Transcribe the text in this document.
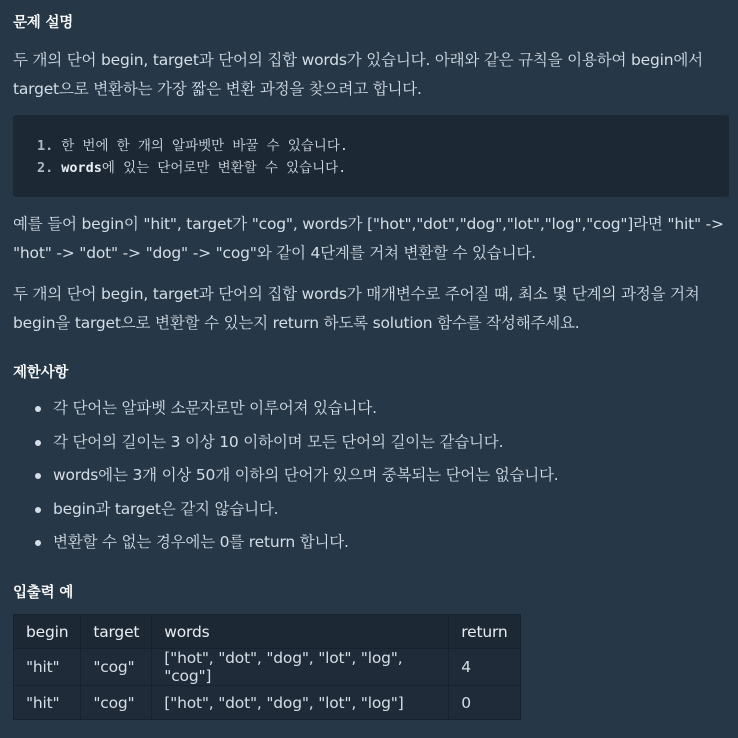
문제 설명
두 개의 단어 begin, target과 단어의 집합 words가 있습니다. 아래와 같은 규칙을 이용하여 begin에서
target으로 변환하는 가장 짧은 변환 과정을 찾으려고 합니다.
1. 한 번에 한 개의 알파벳만 바꿀 수 있습니다.
2. words에 있는 단어로만 변환할 수 있습니다.
예를 들어 begin이 "hit", target가 "cog", words가 ["hot","dot","dog","lot","log","cog"]라면 "hit" ->
"hot" -> "dot" -> "dog" -> "cog"와 같이 4단계를 거쳐 변환할 수 있습니다.
두 개의 단어 begin, target과 단어의 집합 words가 매개변수로 주어질 때, 최소 몇 단계의 과정을 거쳐
begin을 target으로 변환할 수 있는지 return 하도록 solution 함수를 작성해주세요.
제한사항
각 단어는 알파벳 소문자로만 이루어져 있습니다.
각 단어의 길이는 3 이상 10 이하이며 모든 단어의 길이는 같습니다.
words에는 3개 이상 50개 이하의 단어가 있으며 중복되는 단어는 없습니다.
begin과 target은 같지 않습니다.
변환할 수 없는 경우에는 0를 return 합니다.
입출력 예
begin	target	words	return
"hit"	"cog"	["hot", "dot", "dog", "lot", "log", "cog"]	4
"hit"	"cog"	["hot", "dot", "dog", "lot", "log"]	0
